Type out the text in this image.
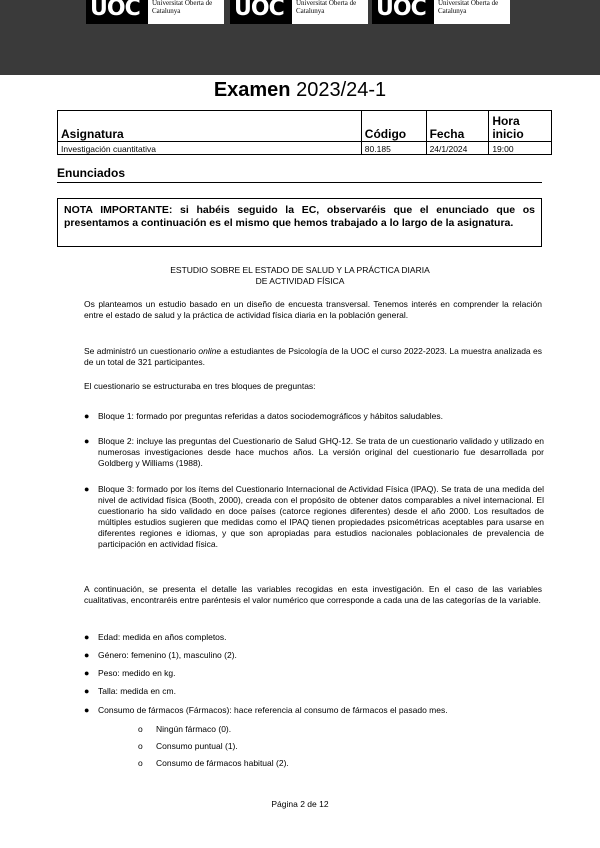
UOC	Universitat Oberta de Catalunya	UOC	Universitat Oberta de Catalunya	UOC	Universitat Oberta de Catalunya
Examen 2023/24-1
Asignatura	Código	Fecha	Hora inicio
Investigación cuantitativa	80.185	24/1/2024	19:00
Enunciados
NOTA IMPORTANTE: si habéis seguido la EC, observaréis que el enunciado que os presentamos a continuación es el mismo que hemos trabajado a lo largo de la asignatura.
ESTUDIO SOBRE EL ESTADO DE SALUD Y LA PRÁCTICA DIARIA
DE ACTIVIDAD FÍSICA
Os planteamos un estudio basado en un diseño de encuesta transversal. Tenemos interés en comprender la relación entre el estado de salud y la práctica de actividad física diaria en la población general.
Se administró un cuestionario online a estudiantes de Psicología de la UOC el curso 2022-2023. La muestra analizada es de un total de 321 participantes.
El cuestionario se estructuraba en tres bloques de preguntas:
● Bloque 1: formado por preguntas referidas a datos sociodemográficos y hábitos saludables.
● Bloque 2: incluye las preguntas del Cuestionario de Salud GHQ-12. Se trata de un cuestionario validado y utilizado en numerosas investigaciones desde hace muchos años. La versión original del cuestionario fue desarrollada por Goldberg y Williams (1988).
● Bloque 3: formado por los ítems del Cuestionario Internacional de Actividad Física (IPAQ). Se trata de una medida del nivel de actividad física (Booth, 2000), creada con el propósito de obtener datos comparables a nivel internacional. El cuestionario ha sido validado en doce países (catorce regiones diferentes) desde el año 2000. Los resultados de múltiples estudios sugieren que medidas como el IPAQ tienen propiedades psicométricas aceptables para usarse en diferentes regiones e idiomas, y que son apropiadas para estudios nacionales poblacionales de prevalencia de participación en actividad física.
A continuación, se presenta el detalle las variables recogidas en esta investigación. En el caso de las variables cualitativas, encontraréis entre paréntesis el valor numérico que corresponde a cada una de las categorías de la variable.
● Edad: medida en años completos.
● Género: femenino (1), masculino (2).
● Peso: medido en kg.
● Talla: medida en cm.
● Consumo de fármacos (Fármacos): hace referencia al consumo de fármacos el pasado mes.
o Ningún fármaco (0).
o Consumo puntual (1).
o Consumo de fármacos habitual (2).
Página 2 de 12
